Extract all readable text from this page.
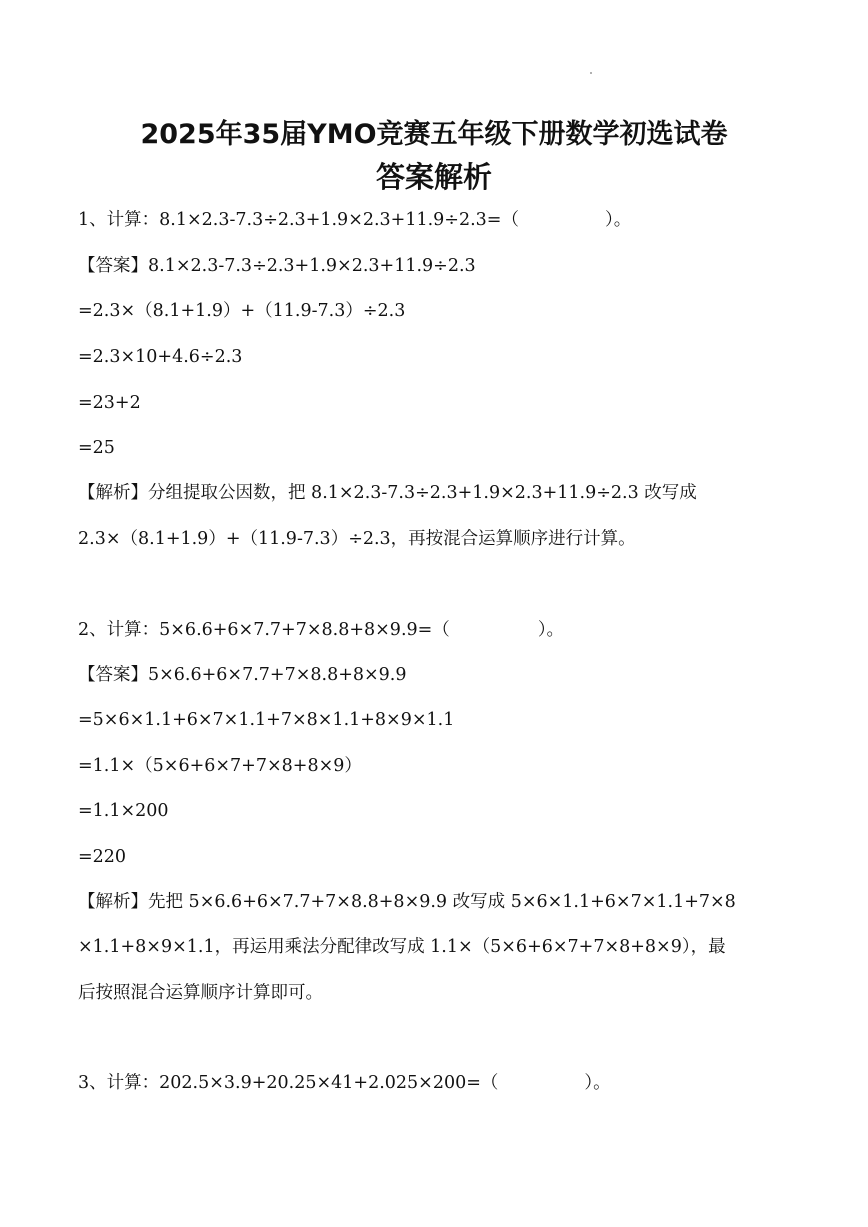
2025年35届YMO竞赛五年级下册数学初选试卷
答案解析
1、计算：8.1×2.3-7.3÷2.3+1.9×2.3+11.9÷2.3=（	）。
【答案】8.1×2.3-7.3÷2.3+1.9×2.3+11.9÷2.3
=2.3×（8.1+1.9）+（11.9-7.3）÷2.3
=2.3×10+4.6÷2.3
=23+2
=25
【解析】分组提取公因数，把 8.1×2.3-7.3÷2.3+1.9×2.3+11.9÷2.3 改写成
2.3×（8.1+1.9）+（11.9-7.3）÷2.3，再按混合运算顺序进行计算。
2、计算：5×6.6+6×7.7+7×8.8+8×9.9=（	）。
【答案】5×6.6+6×7.7+7×8.8+8×9.9
=5×6×1.1+6×7×1.1+7×8×1.1+8×9×1.1
=1.1×（5×6+6×7+7×8+8×9）
=1.1×200
=220
【解析】先把 5×6.6+6×7.7+7×8.8+8×9.9 改写成 5×6×1.1+6×7×1.1+7×8
×1.1+8×9×1.1，再运用乘法分配律改写成 1.1×（5×6+6×7+7×8+8×9），最
后按照混合运算顺序计算即可。
3、计算：202.5×3.9+20.25×41+2.025×200=（	）。
